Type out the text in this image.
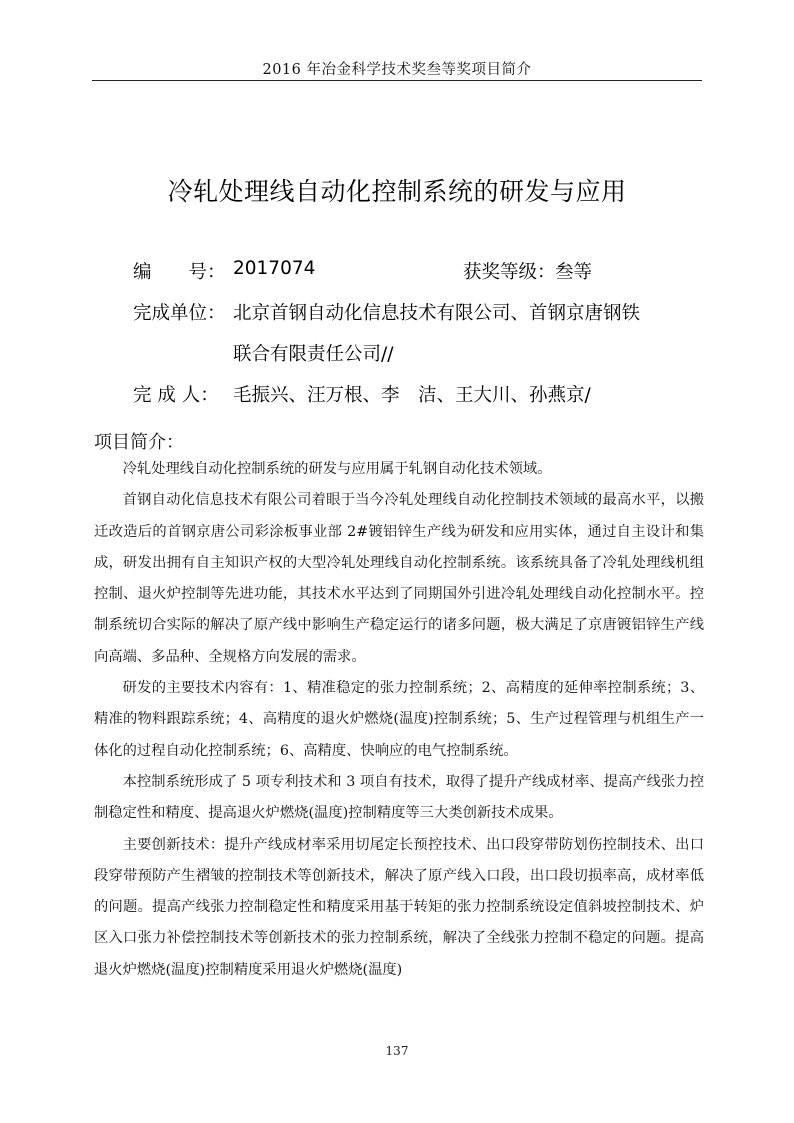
2016 年冶金科学技术奖叁等奖项目简介
冷轧处理线自动化控制系统的研发与应用
编　　号： 2017074	获奖等级： 叁等
完成单位： 北京首钢自动化信息技术有限公司、首钢京唐钢铁
联合有限责任公司//
完 成 人： 毛振兴、汪万根、李　洁、王大川、孙燕京/
项目简介：

冷轧处理线自动化控制系统的研发与应用属于轧钢自动化技术领域。

首钢自动化信息技术有限公司着眼于当今冷轧处理线自动化控制技术领域的最高水平，以搬迁改造后的首钢京唐公司彩涂板事业部 2#镀铝锌生产线为研发和应用实体，通过自主设计和集成，研发出拥有自主知识产权的大型冷轧处理线自动化控制系统。该系统具备了冷轧处理线机组控制、退火炉控制等先进功能，其技术水平达到了同期国外引进冷轧处理线自动化控制水平。控制系统切合实际的解决了原产线中影响生产稳定运行的诸多问题，极大满足了京唐镀铝锌生产线向高端、多品种、全规格方向发展的需求。

研发的主要技术内容有：1、精准稳定的张力控制系统；2、高精度的延伸率控制系统；3、精准的物料跟踪系统；4、高精度的退火炉燃烧(温度)控制系统；5、生产过程管理与机组生产一体化的过程自动化控制系统；6、高精度、快响应的电气控制系统。

本控制系统形成了 5 项专利技术和 3 项自有技术，取得了提升产线成材率、提高产线张力控制稳定性和精度、提高退火炉燃烧(温度)控制精度等三大类创新技术成果。

主要创新技术：提升产线成材率采用切尾定长预控技术、出口段穿带防划伤控制技术、出口段穿带预防产生褶皱的控制技术等创新技术，解决了原产线入口段，出口段切损率高，成材率低的问题。提高产线张力控制稳定性和精度采用基于转矩的张力控制系统设定值斜坡控制技术、炉区入口张力补偿控制技术等创新技术的张力控制系统，解决了全线张力控制不稳定的问题。提高退火炉燃烧(温度)控制精度采用退火炉燃烧(温度)

137
